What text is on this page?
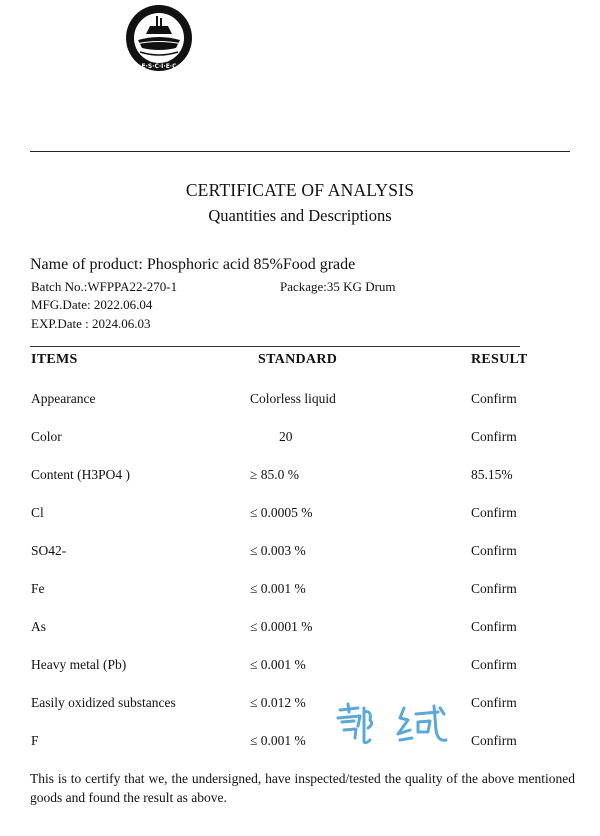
E·S·C·I·E·C
CERTIFICATE OF ANALYSIS
Quantities and Descriptions
Name of product: Phosphoric acid 85%Food grade
Batch No.:WFPPA22-270-1	Package:35 KG Drum
MFG.Date: 2022.06.04
EXP.Date : 2024.06.03
ITEMS	STANDARD	RESULT
Appearance	Colorless liquid	Confirm
Color	20	Confirm
Content (H3PO4 )	≥ 85.0 %	85.15%
Cl	≤ 0.0005 %	Confirm
SO42-	≤ 0.003 %	Confirm
Fe	≤ 0.001 %	Confirm
As	≤ 0.0001 %	Confirm
Heavy metal (Pb)	≤ 0.001 %	Confirm
Easily oxidized substances	≤ 0.012 %	Confirm
F	≤ 0.001 %	Confirm
This is to certify that we, the undersigned, have inspected/tested the quality of the above mentioned goods and found the result as above.
